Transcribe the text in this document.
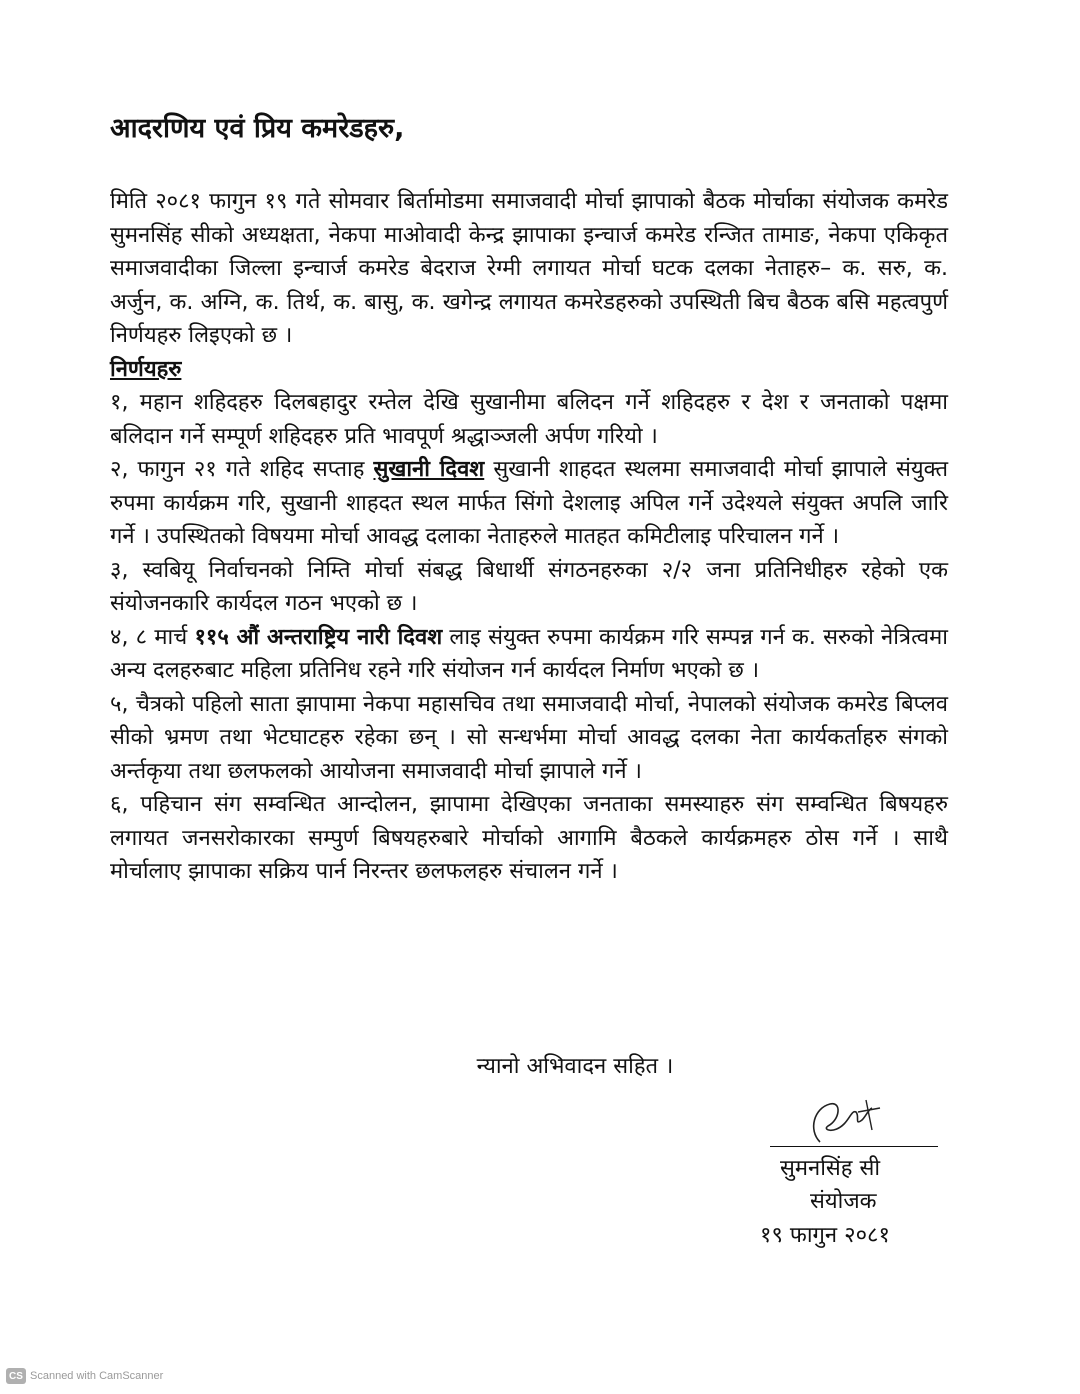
आदरणिय एवं प्रिय कमरेडहरु,

मिति २०८१ फागुन १९ गते सोमवार बिर्तामोडमा समाजवादी मोर्चा झापाको बैठक मोर्चाका संयोजक कमरेड सुमनसिंह सीको अध्यक्षता, नेकपा माओवादी केन्द्र झापाका इन्चार्ज कमरेड रन्जित तामाङ, नेकपा एकिकृत समाजवादीका जिल्ला इन्चार्ज कमरेड बेदराज रेग्मी लगायत मोर्चा घटक दलका नेताहरु– क. सरु, क. अर्जुन, क. अग्नि, क. तिर्थ, क. बासु, क. खगेन्द्र लगायत कमरेडहरुको उपस्थिती बिच बैठक बसि महत्वपुर्ण निर्णयहरु लिइएको छ ।

निर्णयहरु

१, महान शहिदहरु दिलबहादुर रम्तेल देखि सुखानीमा बलिदन गर्ने शहिदहरु र देश र जनताको पक्षमा बलिदान गर्ने सम्पूर्ण शहिदहरु प्रति भावपूर्ण श्रद्धाञ्जली अर्पण गरियो ।

२, फागुन २१ गते शहिद सप्ताह सुखानी दिवश सुखानी शाहदत स्थलमा समाजवादी मोर्चा झापाले संयुक्त रुपमा कार्यक्रम गरि, सुखानी शाहदत स्थल मार्फत सिंगो देशलाइ अपिल गर्ने उदेश्यले संयुक्त अपलि जारि गर्ने । उपस्थितको विषयमा मोर्चा आवद्ध दलाका नेताहरुले मातहत कमिटीलाइ परिचालन गर्ने ।

३, स्वबियू निर्वाचनको निम्ति मोर्चा संबद्ध बिधार्थी संगठनहरुका २/२ जना प्रतिनिधीहरु रहेको एक संयोजनकारि कार्यदल गठन भएको छ ।

४, ८ मार्च ११५ औं अन्तराष्ट्रिय नारी दिवश लाइ संयुक्त रुपमा कार्यक्रम गरि सम्पन्न गर्न क. सरुको नेत्रित्वमा अन्य दलहरुबाट महिला प्रतिनिध रहने गरि संयोजन गर्न कार्यदल निर्माण भएको छ ।

५, चैत्रको पहिलो साता झापामा नेकपा महासचिव तथा समाजवादी मोर्चा, नेपालको संयोजक कमरेड बिप्लव सीको भ्रमण तथा भेटघाटहरु रहेका छन् । सो सन्धर्भमा मोर्चा आवद्ध दलका नेता कार्यकर्ताहरु संगको अर्न्तकृया तथा छलफलको आयोजना समाजवादी मोर्चा झापाले गर्ने ।

६, पहिचान संग सम्वन्धित आन्दोलन, झापामा देखिएका जनताका समस्याहरु संग सम्वन्धित बिषयहरु लगायत जनसरोकारका सम्पुर्ण बिषयहरुबारे मोर्चाको आगामि बैठकले कार्यक्रमहरु ठोस गर्ने । साथै मोर्चालाए झापाका सक्रिय पार्न निरन्तर छलफलहरु संचालन गर्ने ।

न्यानो अभिवादन सहित ।
सुमनसिंह सी
संयोजक
१९ फागुन २०८१
CS Scanned with CamScanner
